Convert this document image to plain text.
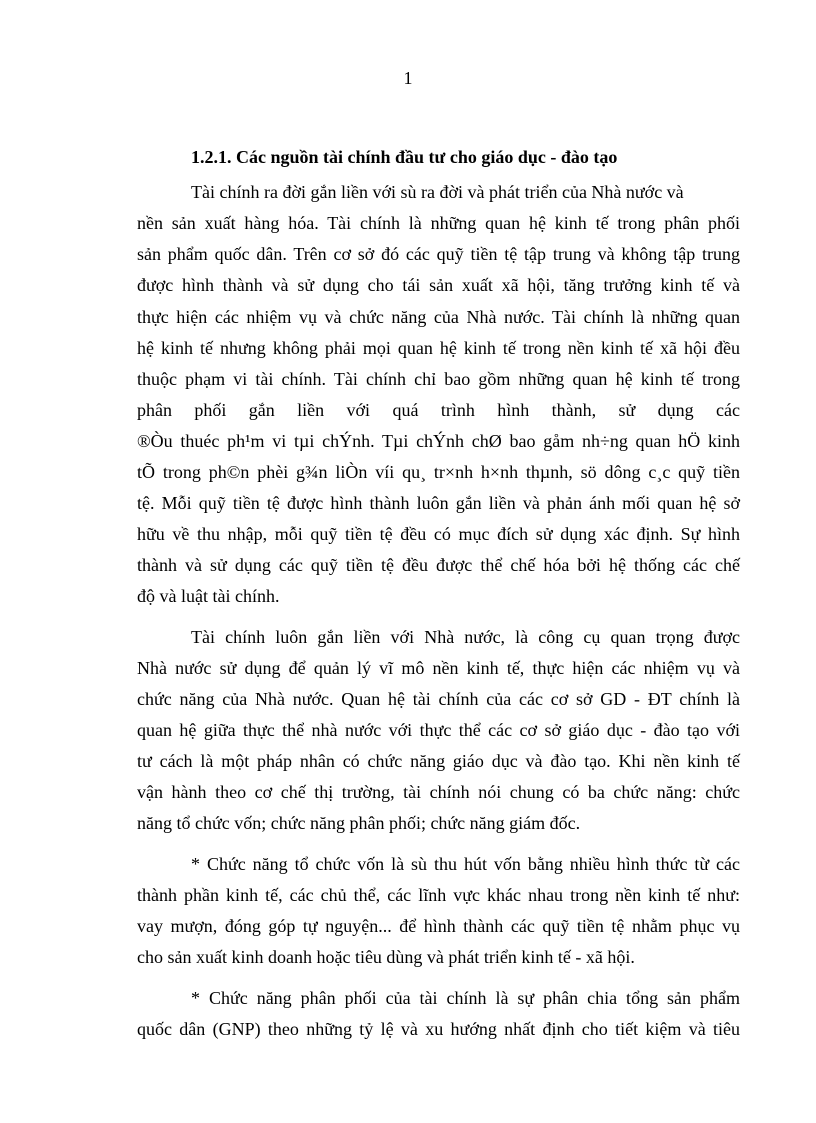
1
1.2.1. Các nguồn tài chính đầu tư cho giáo dục - đào tạo
Tài chính ra đời gắn liền với sù ra đời và phát triển của Nhà nước và
nền sản xuất hàng hóa. Tài chính là những quan hệ kinh tế trong phân phối
sản phẩm quốc dân. Trên cơ sở đó các quỹ tiền tệ tập trung và không tập trung
được hình thành và sử dụng cho tái sản xuất xã hội, tăng trưởng kinh tế và
thực hiện các nhiệm vụ và chức năng của Nhà nước. Tài chính là những quan
hệ kinh tế nhưng không phải mọi quan hệ kinh tế trong nền kinh tế xã hội đều
thuộc phạm vi tài chính. Tài chính chỉ bao gồm những quan hệ kinh tế trong
phân phối gắn liền với quá trình hình thành, sử dụng các
®Òu thuéc ph¹m vi tµi chÝnh. Tµi chÝnh chØ bao gåm nh÷ng quan hÖ kinh
tÕ trong ph©n phèi g¾n liÒn víi qu¸ tr×nh h×nh thµnh, sö dông c¸c quỹ tiền
tệ. Mỗi quỹ tiền tệ được hình thành luôn gắn liền và phản ánh mối quan hệ sở
hữu về thu nhập, mỗi quỹ tiền tệ đều có mục đích sử dụng xác định. Sự hình
thành và sử dụng các quỹ tiền tệ đều được thể chế hóa bởi hệ thống các chế
độ và luật tài chính.
Tài chính luôn gắn liền với Nhà nước, là công cụ quan trọng được
Nhà nước sử dụng để quản lý vĩ mô nền kinh tế, thực hiện các nhiệm vụ và
chức năng của Nhà nước. Quan hệ tài chính của các cơ sở GD - ĐT chính là
quan hệ giữa thực thể nhà nước với thực thể các cơ sở giáo dục - đào tạo với
tư cách là một pháp nhân có chức năng giáo dục và đào tạo. Khi nền kinh tế
vận hành theo cơ chế thị trường, tài chính nói chung có ba chức năng: chức
năng tổ chức vốn; chức năng phân phối; chức năng giám đốc.
* Chức năng tổ chức vốn là sù thu hút vốn bằng nhiều hình thức từ các
thành phần kinh tế, các chủ thể, các lĩnh vực khác nhau trong nền kinh tế như:
vay mượn, đóng góp tự nguyện... để hình thành các quỹ tiền tệ nhằm phục vụ
cho sản xuất kinh doanh hoặc tiêu dùng và phát triển kinh tế - xã hội.
* Chức năng phân phối của tài chính là sự phân chia tổng sản phẩm
quốc dân (GNP) theo những tỷ lệ và xu hướng nhất định cho tiết kiệm và tiêu
